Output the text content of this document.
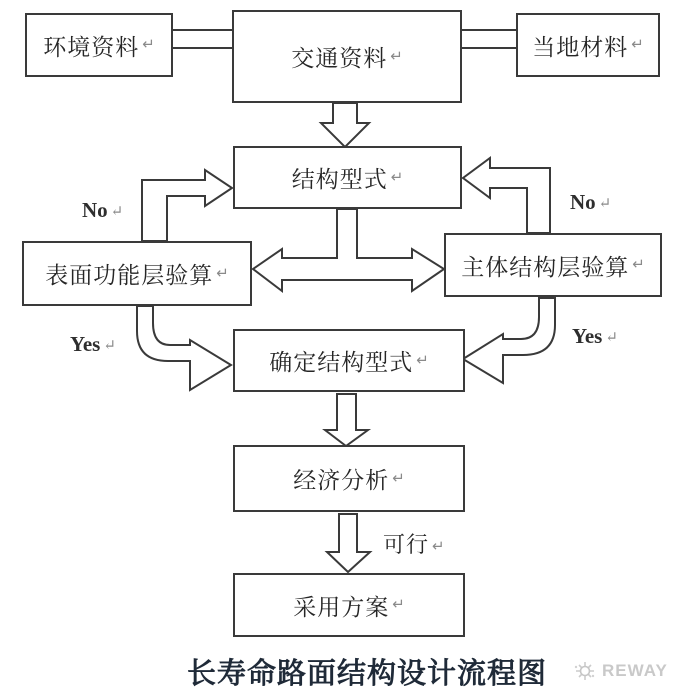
环境资料 ↵
交通资料 ↵	当地材料 ↵
结构型式 ↵
表面功能层验算 ↵	主体结构层验算 ↵
确定结构型式 ↵
经济分析 ↵
采用方案 ↵
No ↵	No ↵
Yes ↵	Yes ↵
可行 ↵
长寿命路面结构设计流程图	REWAY
